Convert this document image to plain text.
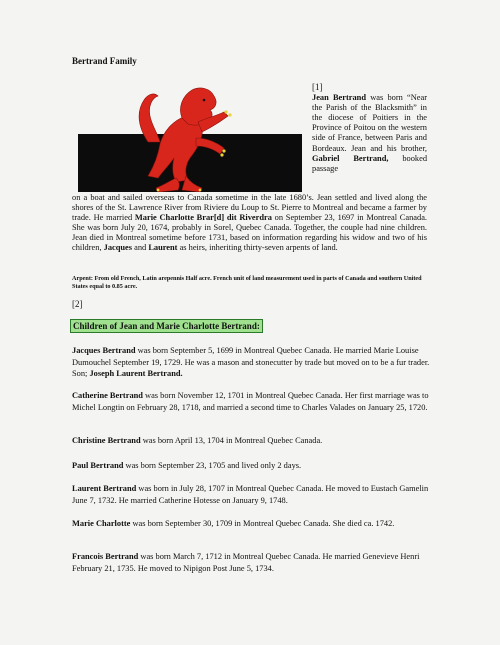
Bertrand Family
[1]
Jean Bertrand was born “Near the Parish of the Blacksmith” in the diocese of Poitiers in the Province of Poitou on the western side of France, between Paris and Bordeaux. Jean and his brother, Gabriel Bertrand, booked passage
on a boat and sailed overseas to Canada sometime in the late 1680’s. Jean settled and lived along the shores of the St. Lawrence River from Riviere du Loup to St. Pierre to Montreal and became a farmer by trade. He married Marie Charlotte Brar[d] dit Riverdra on September 23, 1697 in Montreal Canada. She was born July 20, 1674, probably in Sorel, Quebec Canada. Together, the couple had nine children. Jean died in Montreal sometime before 1731, based on information regarding his widow and two of his children, Jacques and Laurent as heirs, inheriting thirty-seven arpents of land.
Arpent: From old French, Latin arepennis Half acre. French unit of land measurement used in parts of Canada and southern United States equal to 0.85 acre.
[2]
Children of Jean and Marie Charlotte Bertrand:
Jacques Bertrand was born September 5, 1699 in Montreal Quebec Canada. He married Marie Louise Dumouchel September 19, 1729. He was a mason and stonecutter by trade but moved on to be a fur trader. Son; Joseph Laurent Bertrand.
Catherine Bertrand was born November 12, 1701 in Montreal Quebec Canada. Her first marriage was to Michel Longtin on February 28, 1718, and married a second time to Charles Valades on January 25, 1720.
Christine Bertrand was born April 13, 1704 in Montreal Quebec Canada.
Paul Bertrand was born September 23, 1705 and lived only 2 days.
Laurent Bertrand was born in July 28, 1707 in Montreal Quebec Canada. He moved to Eustach Gamelin June 7, 1732. He married Catherine Hotesse on January 9, 1748.
Marie Charlotte was born September 30, 1709 in Montreal Quebec Canada. She died ca. 1742.
Francois Bertrand was born March 7, 1712 in Montreal Quebec Canada. He married Genevieve Henri February 21, 1735. He moved to Nipigon Post June 5, 1734.
